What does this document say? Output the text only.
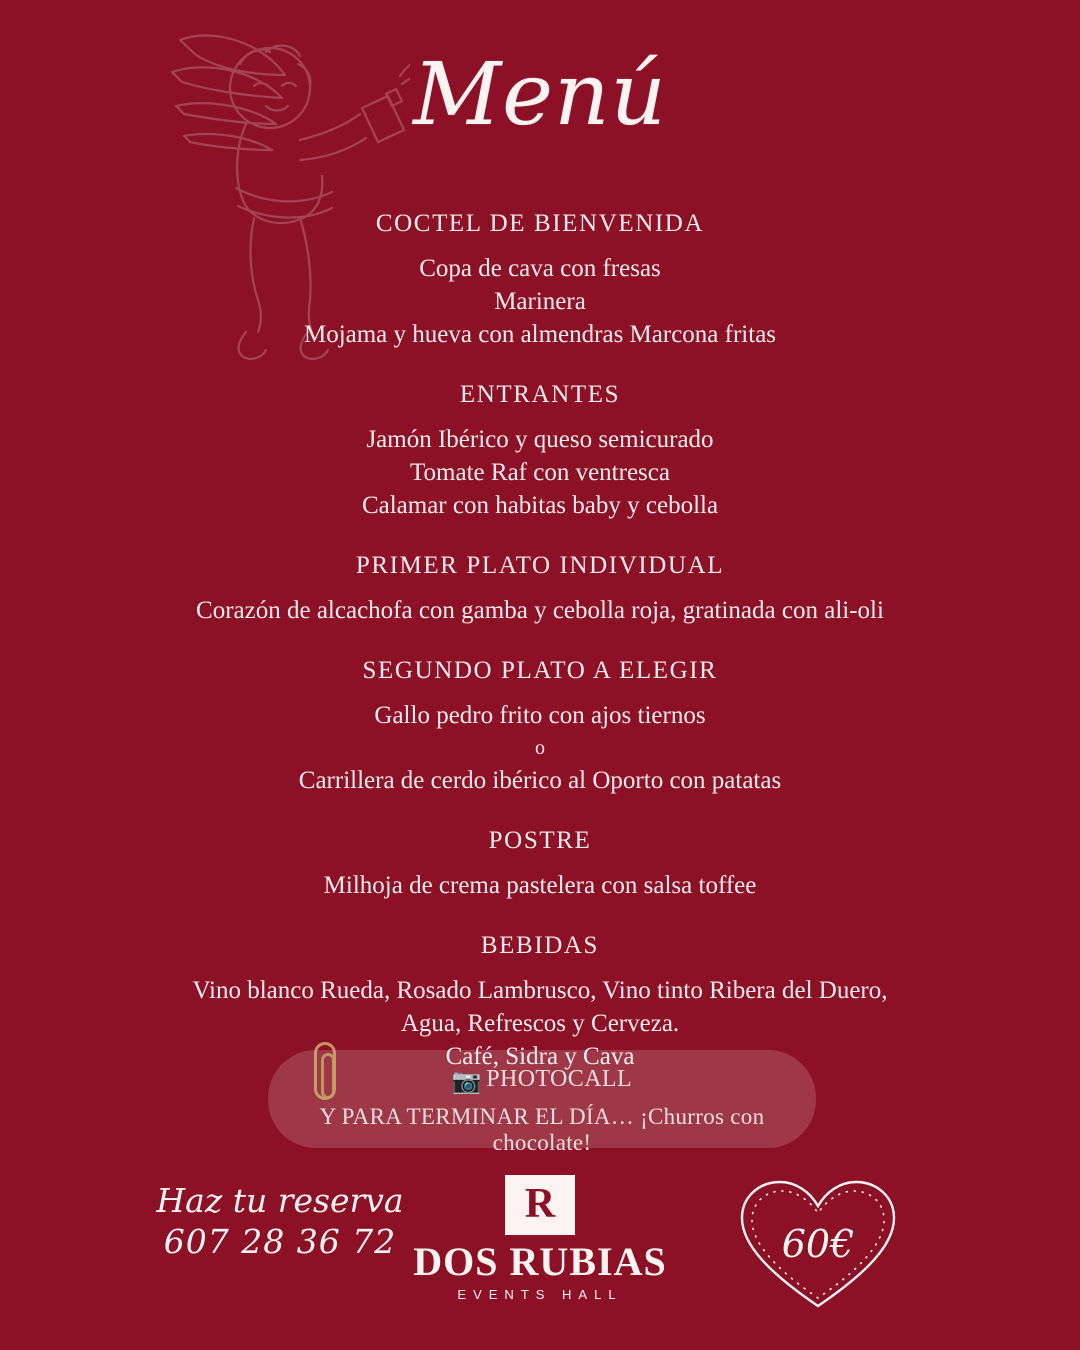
Menú
COCTEL DE BIENVENIDA

Copa de cava con fresas

Marinera

Mojama y hueva con almendras Marcona fritas

ENTRANTES

Jamón Ibérico y queso semicurado

Tomate Raf con ventresca

Calamar con habitas baby y cebolla

PRIMER PLATO INDIVIDUAL

Corazón de alcachofa con gamba y cebolla roja, gratinada con ali-oli

SEGUNDO PLATO A ELEGIR

Gallo pedro frito con ajos tiernos

o

Carrillera de cerdo ibérico al Oporto con patatas

POSTRE

Milhoja de crema pastelera con salsa toffee

BEBIDAS

Vino blanco Rueda, Rosado Lambrusco, Vino tinto Ribera del Duero,

Agua, Refrescos y Cerveza.

Café, Sidra y Cava

📷 PHOTOCALL

Y PARA TERMINAR EL DÍA… ¡Churros con chocolate!

Haz tu reserva
607 28 36 72
R
DOS RUBIAS
EVENTS HALL
60€
